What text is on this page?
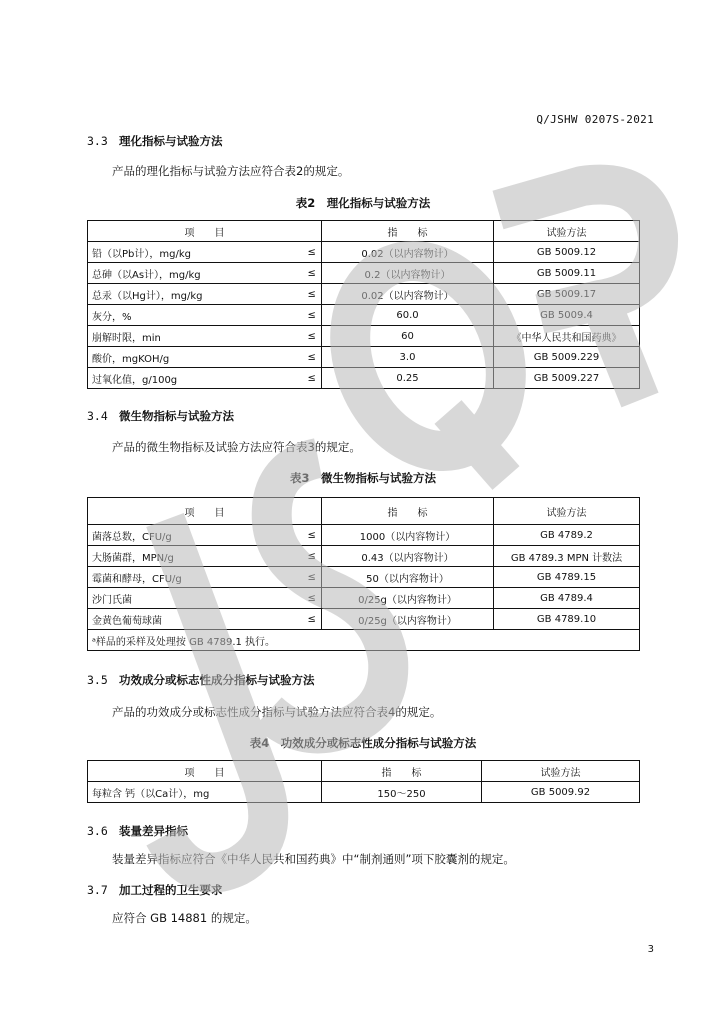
Q/JSHW 0207S-2021
3.3 理化指标与试验方法
产品的理化指标与试验方法应符合表2的规定。
表2　理化指标与试验方法
项　　目		指　　标	试验方法
铅（以Pb计），mg/kg	≤	0.02（以内容物计）	GB 5009.12
总砷（以As计），mg/kg	≤	0.2（以内容物计）	GB 5009.11
总汞（以Hg计），mg/kg	≤	0.02（以内容物计）	GB 5009.17
灰分，%	≤	60.0	GB 5009.4
崩解时限，min	≤	60	《中华人民共和国药典》
酸价，mgKOH/g	≤	3.0	GB 5009.229
过氧化值，g/100g	≤	0.25	GB 5009.227
3.4 微生物指标与试验方法
产品的微生物指标及试验方法应符合表3的规定。
表3　微生物指标与试验方法
项　　目		指　　标	试验方法
菌落总数，CFU/g	≤	1000（以内容物计）	GB 4789.2
大肠菌群，MPN/g	≤	0.43（以内容物计）	GB 4789.3 MPN 计数法
霉菌和酵母，CFU/g	≤	50（以内容物计）	GB 4789.15
沙门氏菌	≤	0/25g（以内容物计）	GB 4789.4
金黄色葡萄球菌	≤	0/25g（以内容物计）	GB 4789.10
ᵃ样品的采样及处理按 GB 4789.1 执行。			
3.5 功效成分或标志性成分指标与试验方法
产品的功效成分或标志性成分指标与试验方法应符合表4的规定。
表4　功效成分或标志性成分指标与试验方法
项　　目	指　　标	试验方法
每粒含 钙（以Ca计），mg	150～250	GB 5009.92
3.6 装量差异指标
装量差异指标应符合《中华人民共和国药典》中“制剂通则”项下胶囊剂的规定。
3.7 加工过程的卫生要求
应符合 GB 14881 的规定。
3
